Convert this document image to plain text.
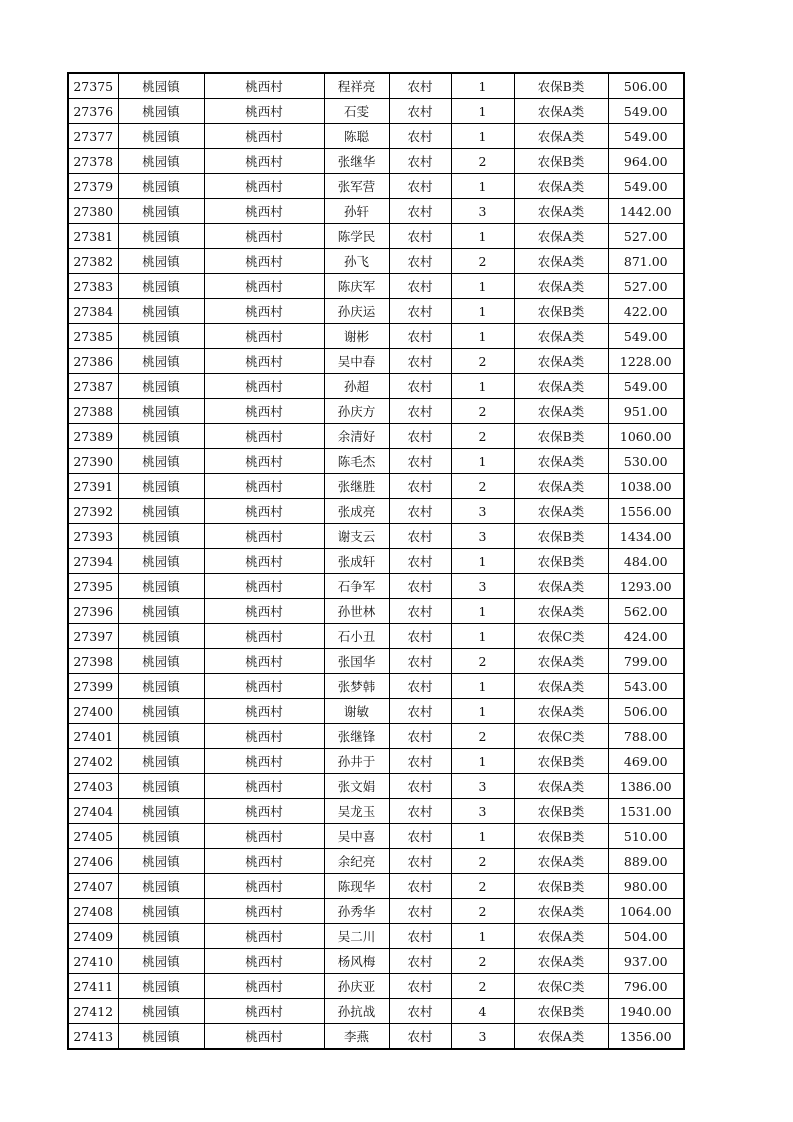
27375	桃园镇	桃西村	程祥亮	农村	1	农保B类	506.00
27376	桃园镇	桃西村	石雯	农村	1	农保A类	549.00
27377	桃园镇	桃西村	陈聪	农村	1	农保A类	549.00
27378	桃园镇	桃西村	张继华	农村	2	农保B类	964.00
27379	桃园镇	桃西村	张军营	农村	1	农保A类	549.00
27380	桃园镇	桃西村	孙轩	农村	3	农保A类	1442.00
27381	桃园镇	桃西村	陈学民	农村	1	农保A类	527.00
27382	桃园镇	桃西村	孙飞	农村	2	农保A类	871.00
27383	桃园镇	桃西村	陈庆军	农村	1	农保A类	527.00
27384	桃园镇	桃西村	孙庆运	农村	1	农保B类	422.00
27385	桃园镇	桃西村	谢彬	农村	1	农保A类	549.00
27386	桃园镇	桃西村	吴中春	农村	2	农保A类	1228.00
27387	桃园镇	桃西村	孙超	农村	1	农保A类	549.00
27388	桃园镇	桃西村	孙庆方	农村	2	农保A类	951.00
27389	桃园镇	桃西村	余清好	农村	2	农保B类	1060.00
27390	桃园镇	桃西村	陈毛杰	农村	1	农保A类	530.00
27391	桃园镇	桃西村	张继胜	农村	2	农保A类	1038.00
27392	桃园镇	桃西村	张成亮	农村	3	农保A类	1556.00
27393	桃园镇	桃西村	谢支云	农村	3	农保B类	1434.00
27394	桃园镇	桃西村	张成轩	农村	1	农保B类	484.00
27395	桃园镇	桃西村	石争军	农村	3	农保A类	1293.00
27396	桃园镇	桃西村	孙世林	农村	1	农保A类	562.00
27397	桃园镇	桃西村	石小丑	农村	1	农保C类	424.00
27398	桃园镇	桃西村	张国华	农村	2	农保A类	799.00
27399	桃园镇	桃西村	张梦韩	农村	1	农保A类	543.00
27400	桃园镇	桃西村	谢敏	农村	1	农保A类	506.00
27401	桃园镇	桃西村	张继锋	农村	2	农保C类	788.00
27402	桃园镇	桃西村	孙井于	农村	1	农保B类	469.00
27403	桃园镇	桃西村	张文娟	农村	3	农保A类	1386.00
27404	桃园镇	桃西村	吴龙玉	农村	3	农保B类	1531.00
27405	桃园镇	桃西村	吴中喜	农村	1	农保B类	510.00
27406	桃园镇	桃西村	余纪亮	农村	2	农保A类	889.00
27407	桃园镇	桃西村	陈现华	农村	2	农保B类	980.00
27408	桃园镇	桃西村	孙秀华	农村	2	农保A类	1064.00
27409	桃园镇	桃西村	吴二川	农村	1	农保A类	504.00
27410	桃园镇	桃西村	杨风梅	农村	2	农保A类	937.00
27411	桃园镇	桃西村	孙庆亚	农村	2	农保C类	796.00
27412	桃园镇	桃西村	孙抗战	农村	4	农保B类	1940.00
27413	桃园镇	桃西村	李燕	农村	3	农保A类	1356.00
